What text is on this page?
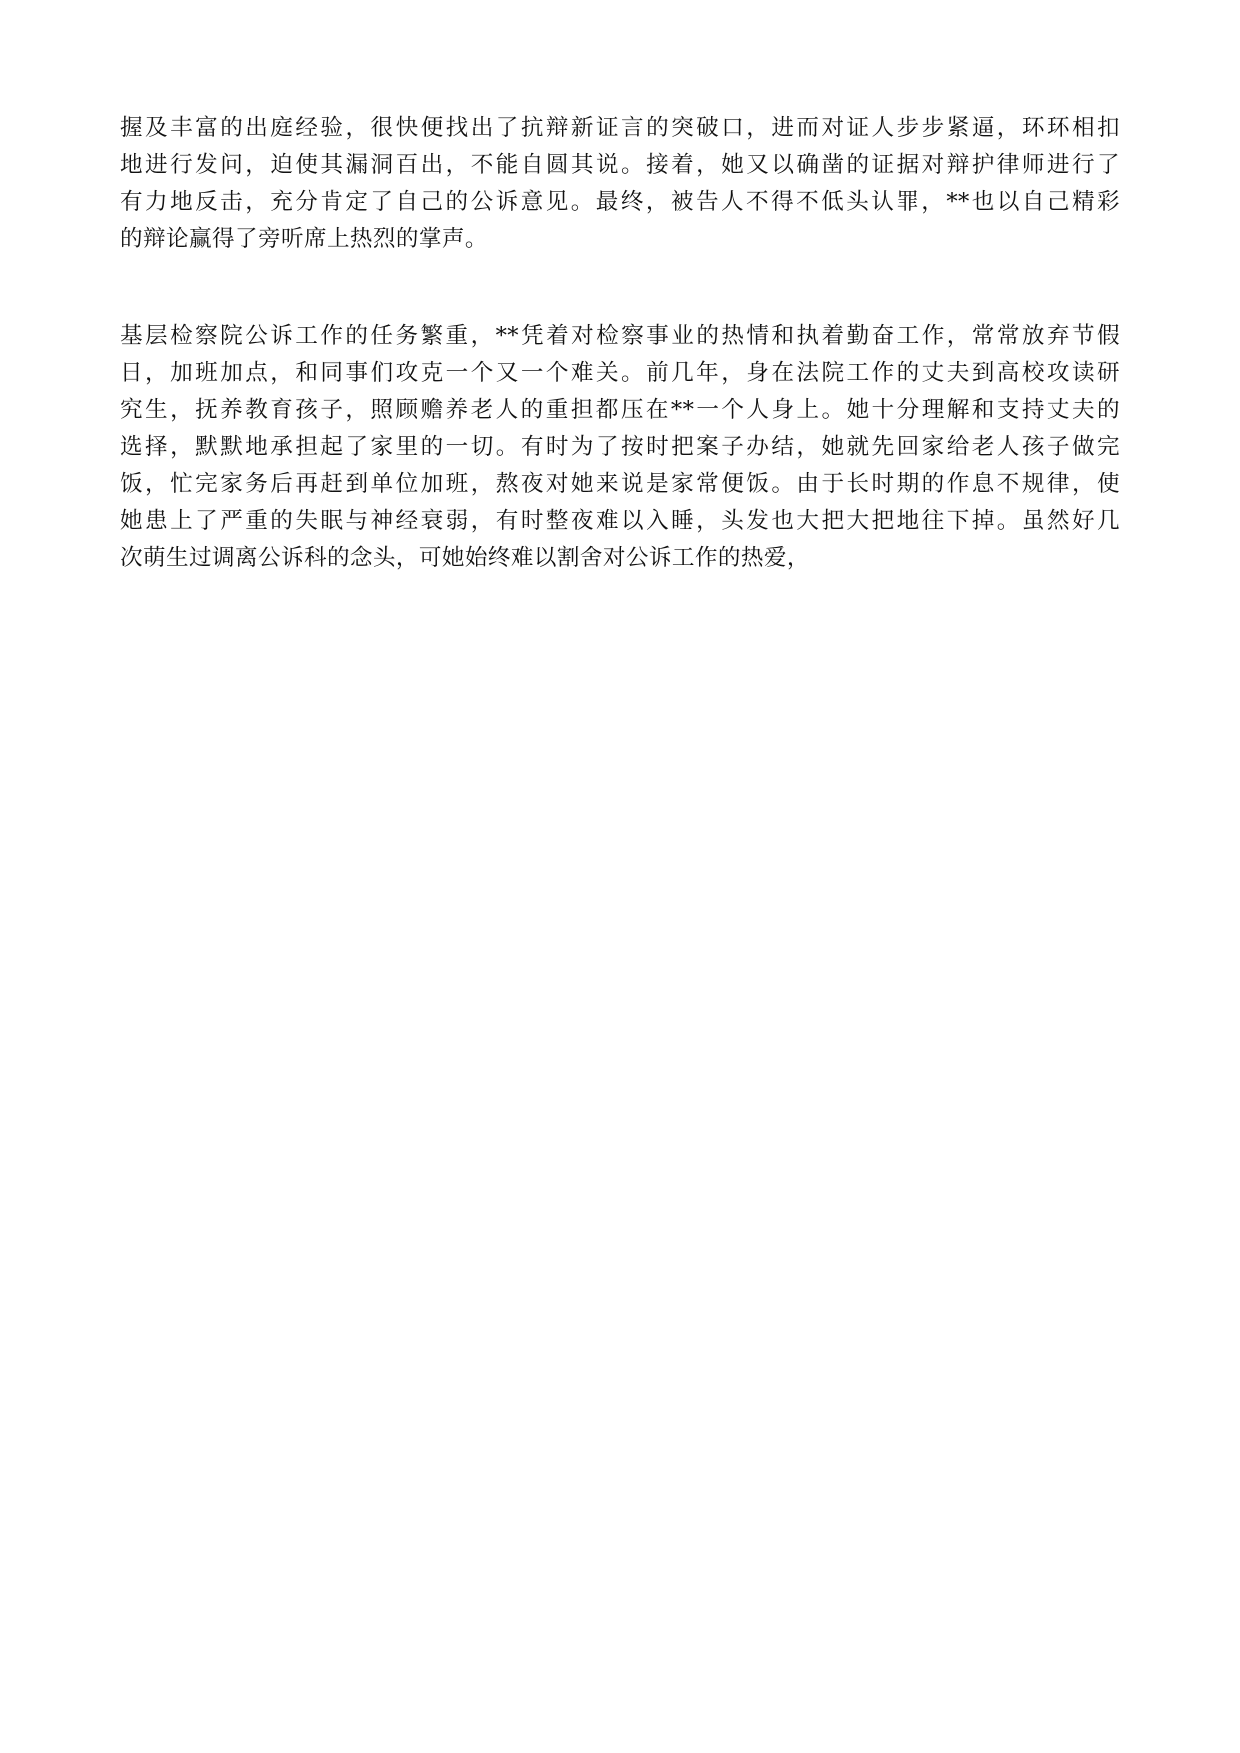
握及丰富的出庭经验，很快便找出了抗辩新证言的突破口，进而对证人步步紧逼，环环相扣
地进行发问，迫使其漏洞百出，不能自圆其说。接着，她又以确凿的证据对辩护律师进行了
有力地反击，充分肯定了自己的公诉意见。最终，被告人不得不低头认罪，**也以自己精彩
的辩论赢得了旁听席上热烈的掌声。

基层检察院公诉工作的任务繁重，**凭着对检察事业的热情和执着勤奋工作，常常放弃节假
日，加班加点，和同事们攻克一个又一个难关。前几年，身在法院工作的丈夫到高校攻读研
究生，抚养教育孩子，照顾赡养老人的重担都压在**一个人身上。她十分理解和支持丈夫的
选择，默默地承担起了家里的一切。有时为了按时把案子办结，她就先回家给老人孩子做完
饭，忙完家务后再赶到单位加班，熬夜对她来说是家常便饭。由于长时期的作息不规律，使
她患上了严重的失眠与神经衰弱，有时整夜难以入睡，头发也大把大把地往下掉。虽然好几
次萌生过调离公诉科的念头，可她始终难以割舍对公诉工作的热爱，
